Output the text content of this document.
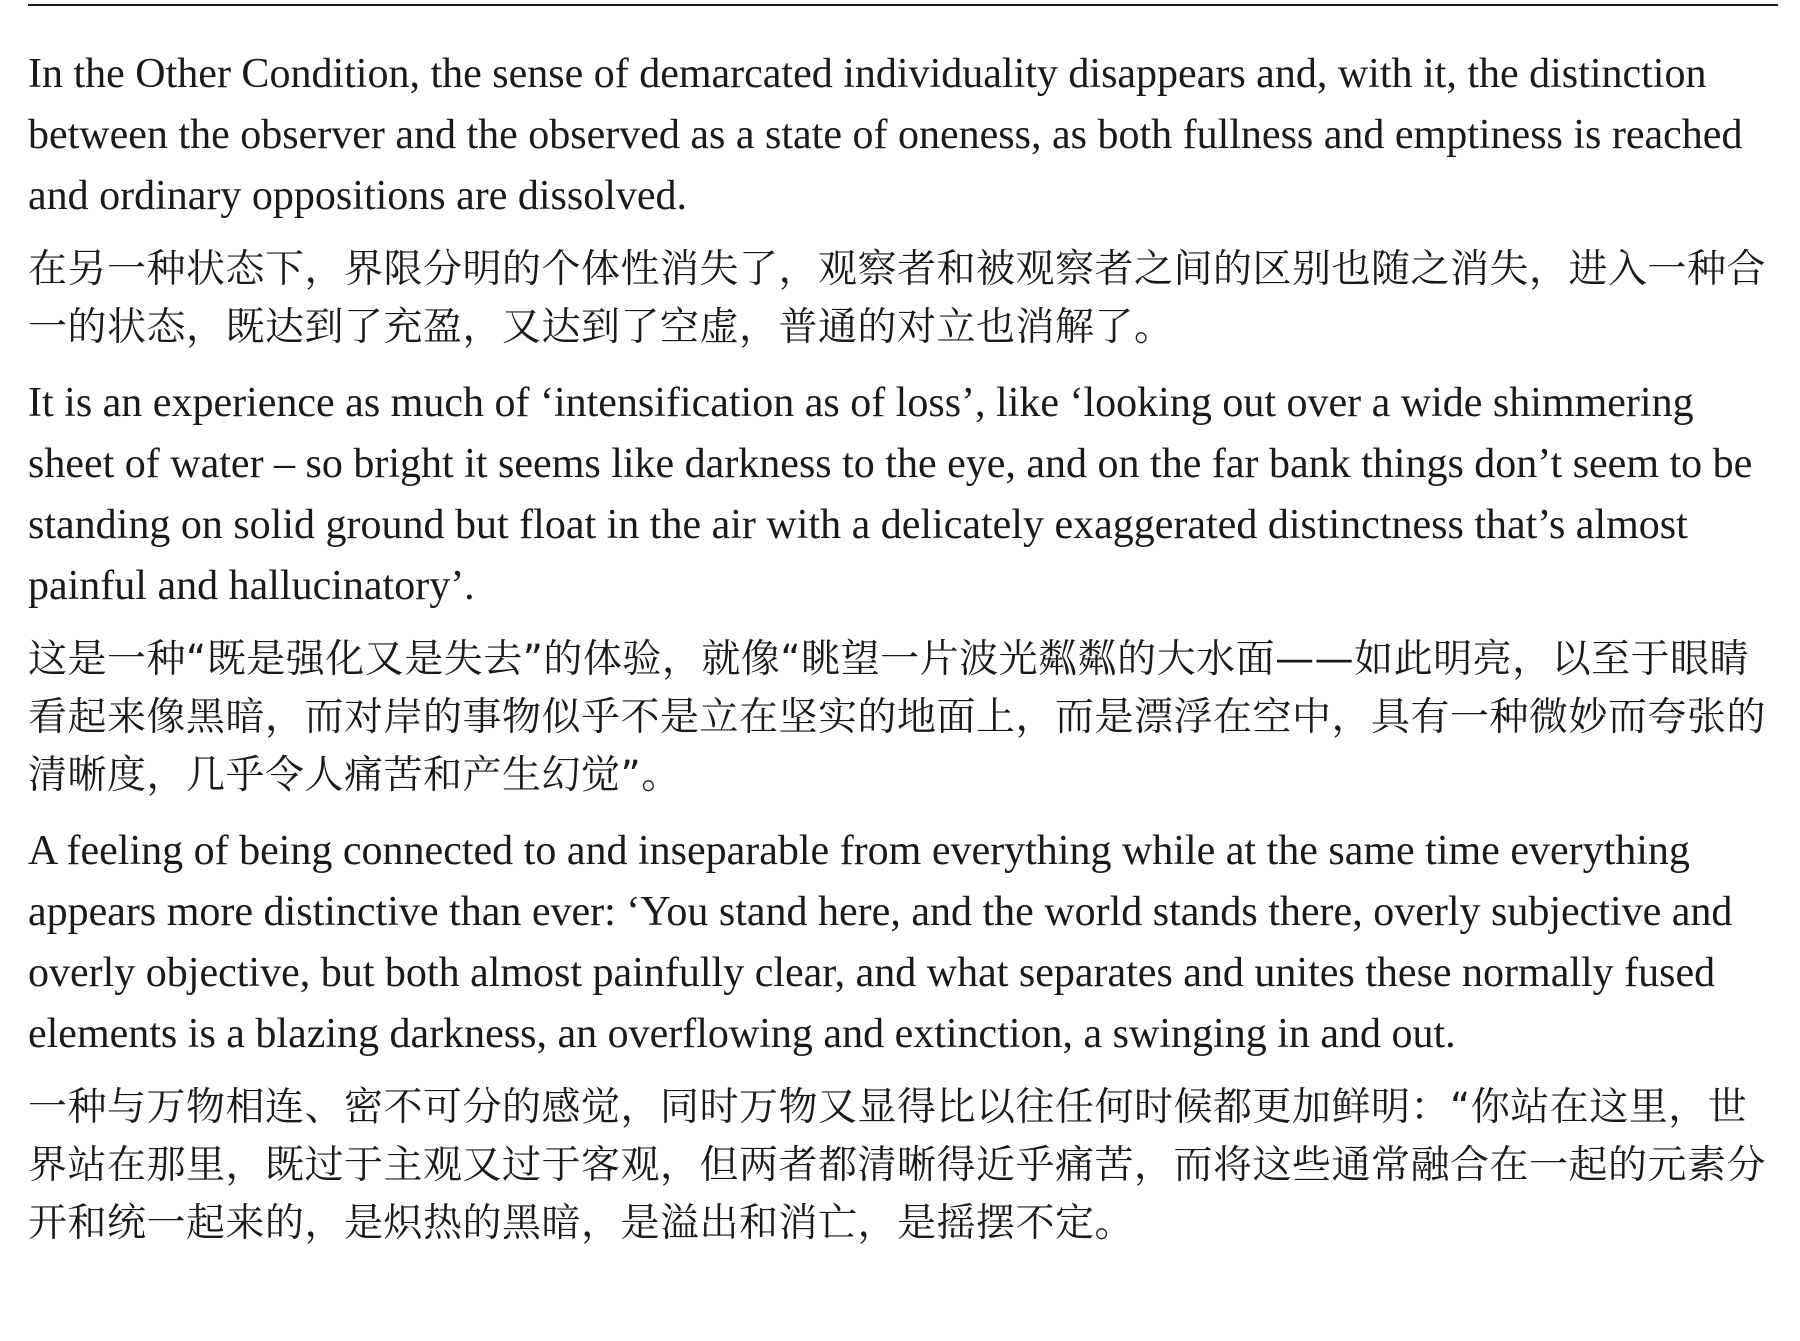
In the Other Condition, the sense of demarcated individuality disappears and, with it, the distinction between the observer and the observed as a state of oneness, as both fullness and emptiness is reached and ordinary oppositions are dissolved.

在另一种状态下，界限分明的个体性消失了，观察者和被观察者之间的区别也随之消失，进入一种合一的状态，既达到了充盈，又达到了空虚，普通的对立也消解了。

It is an experience as much of ‘intensification as of loss’, like ‘looking out over a wide shimmering sheet of water – so bright it seems like darkness to the eye, and on the far bank things don’t seem to be standing on solid ground but float in the air with a delicately exaggerated distinctness that’s almost painful and hallucinatory’.

这是一种“既是强化又是失去”的体验，就像“眺望一片波光粼粼的大水面——如此明亮，以至于眼睛看起来像黑暗，而对岸的事物似乎不是立在坚实的地面上，而是漂浮在空中，具有一种微妙而夸张的清晰度，几乎令人痛苦和产生幻觉”。

A feeling of being connected to and inseparable from everything while at the same time everything appears more distinctive than ever: ‘You stand here, and the world stands there, overly subjective and overly objective, but both almost painfully clear, and what separates and unites these normally fused elements is a blazing darkness, an overflowing and extinction, a swinging in and out.

一种与万物相连、密不可分的感觉，同时万物又显得比以往任何时候都更加鲜明：“你站在这里，世界站在那里，既过于主观又过于客观，但两者都清晰得近乎痛苦，而将这些通常融合在一起的元素分开和统一起来的，是炽热的黑暗，是溢出和消亡，是摇摆不定。
